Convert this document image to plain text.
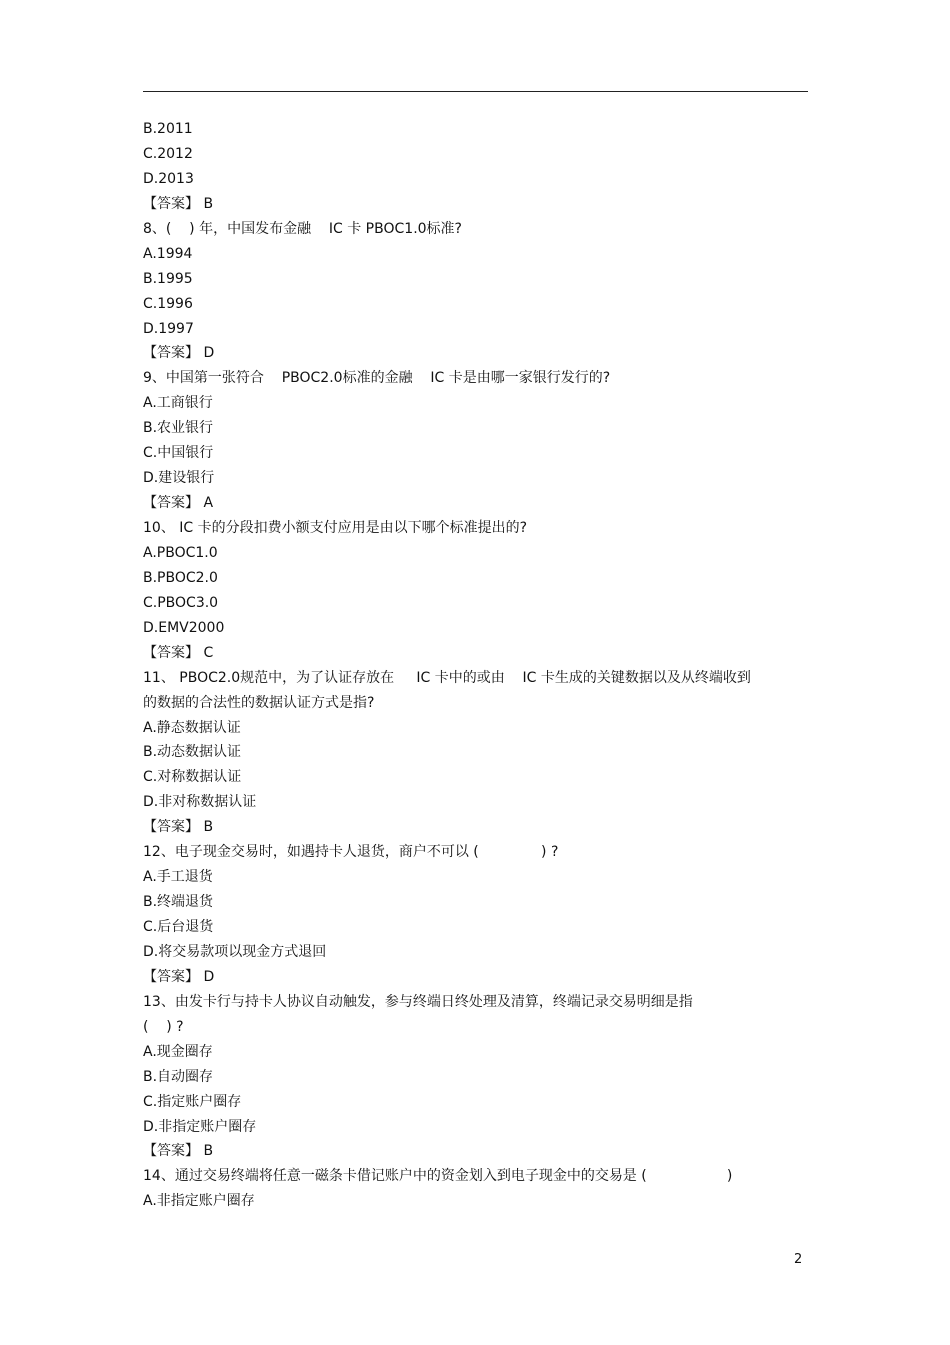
B.2011
C.2012
D.2013
【答案】 B
8、(    ) 年，中国发布金融    IC 卡 PBOC1.0标准?
A.1994
B.1995
C.1996
D.1997
【答案】 D
9、中国第一张符合    PBOC2.0标准的金融    IC 卡是由哪一家银行发行的?
A.工商银行
B.农业银行
C.中国银行
D.建设银行
【答案】 A
10、 IC 卡的分段扣费小额支付应用是由以下哪个标准提出的?
A.PBOC1.0
B.PBOC2.0
C.PBOC3.0
D.EMV2000
【答案】 C
11、 PBOC2.0规范中，为了认证存放在     IC 卡中的或由    IC 卡生成的关键数据以及从终端收到
的数据的合法性的数据认证方式是指?
A.静态数据认证
B.动态数据认证
C.对称数据认证
D.非对称数据认证
【答案】 B
12、电子现金交易时，如遇持卡人退货，商户不可以 (              ) ?
A.手工退货
B.终端退货
C.后台退货
D.将交易款项以现金方式退回
【答案】 D
13、由发卡行与持卡人协议自动触发，参与终端日终处理及清算，终端记录交易明细是指
(    ) ?
A.现金圈存
B.自动圈存
C.指定账户圈存
D.非指定账户圈存
【答案】 B
14、通过交易终端将任意一磁条卡借记账户中的资金划入到电子现金中的交易是 (                  )
A.非指定账户圈存
2
